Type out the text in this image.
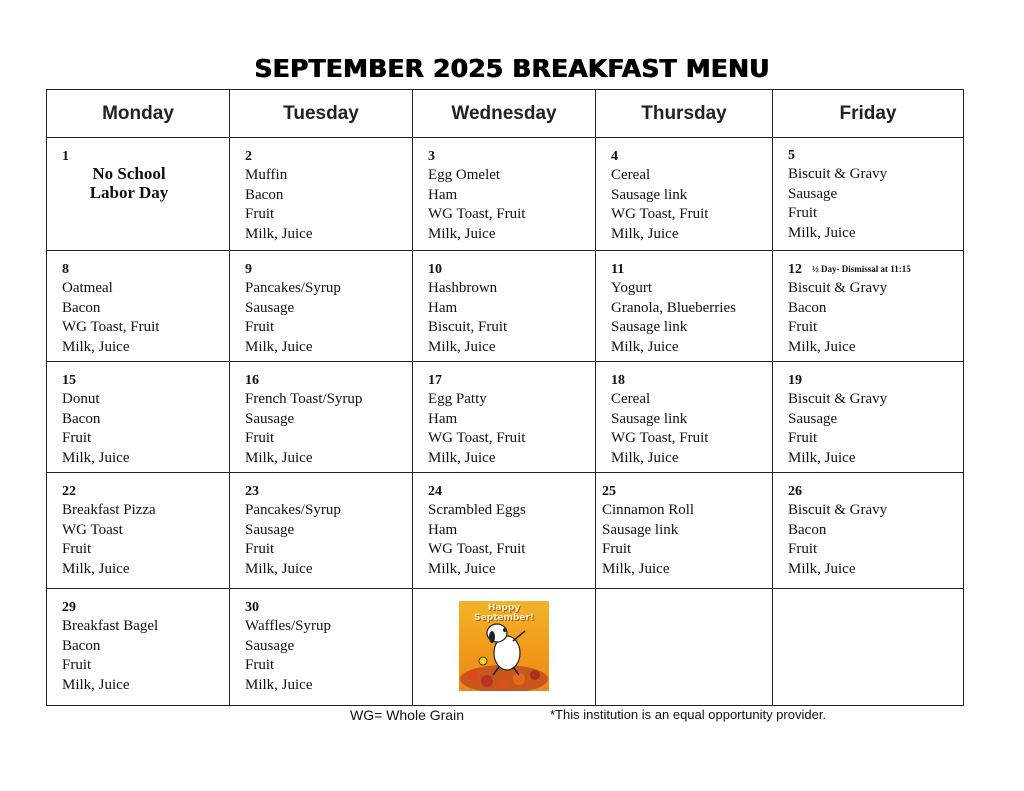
SEPTEMBER 2025 BREAKFAST MENU
Monday	Tuesday	Wednesday	Thursday	Friday

1
No School
Labor Day	2
Muffin
Bacon
Fruit
Milk, Juice	3
Egg Omelet
Ham
WG Toast, Fruit
Milk, Juice	4
Cereal
Sausage link
WG Toast, Fruit
Milk, Juice	5
Biscuit & Gravy
Sausage
Fruit
Milk, Juice

8
Oatmeal
Bacon
WG Toast, Fruit
Milk, Juice	9
Pancakes/Syrup
Sausage
Fruit
Milk, Juice	10
Hashbrown
Ham
Biscuit, Fruit
Milk, Juice	11
Yogurt
Granola, Blueberries
Sausage link
Milk, Juice	12 ½ Day- Dismissal at 11:15
Biscuit & Gravy
Bacon
Fruit
Milk, Juice

15
Donut
Bacon
Fruit
Milk, Juice	16
French Toast/Syrup
Sausage
Fruit
Milk, Juice	17
Egg Patty
Ham
WG Toast, Fruit
Milk, Juice	18
Cereal
Sausage link
WG Toast, Fruit
Milk, Juice	19
Biscuit & Gravy
Sausage
Fruit
Milk, Juice

22
Breakfast Pizza
WG Toast
Fruit
Milk, Juice	23
Pancakes/Syrup
Sausage
Fruit
Milk, Juice	24
Scrambled Eggs
Ham
WG Toast, Fruit
Milk, Juice	25
Cinnamon Roll
Sausage link
Fruit
Milk, Juice	26
Biscuit & Gravy
Bacon
Fruit
Milk, Juice

29
Breakfast Bagel
Bacon
Fruit
Milk, Juice	30
Waffles/Syrup
Sausage
Fruit
Milk, Juice	Happy September!		

WG= Whole Grain	*This institution is an equal opportunity provider.
